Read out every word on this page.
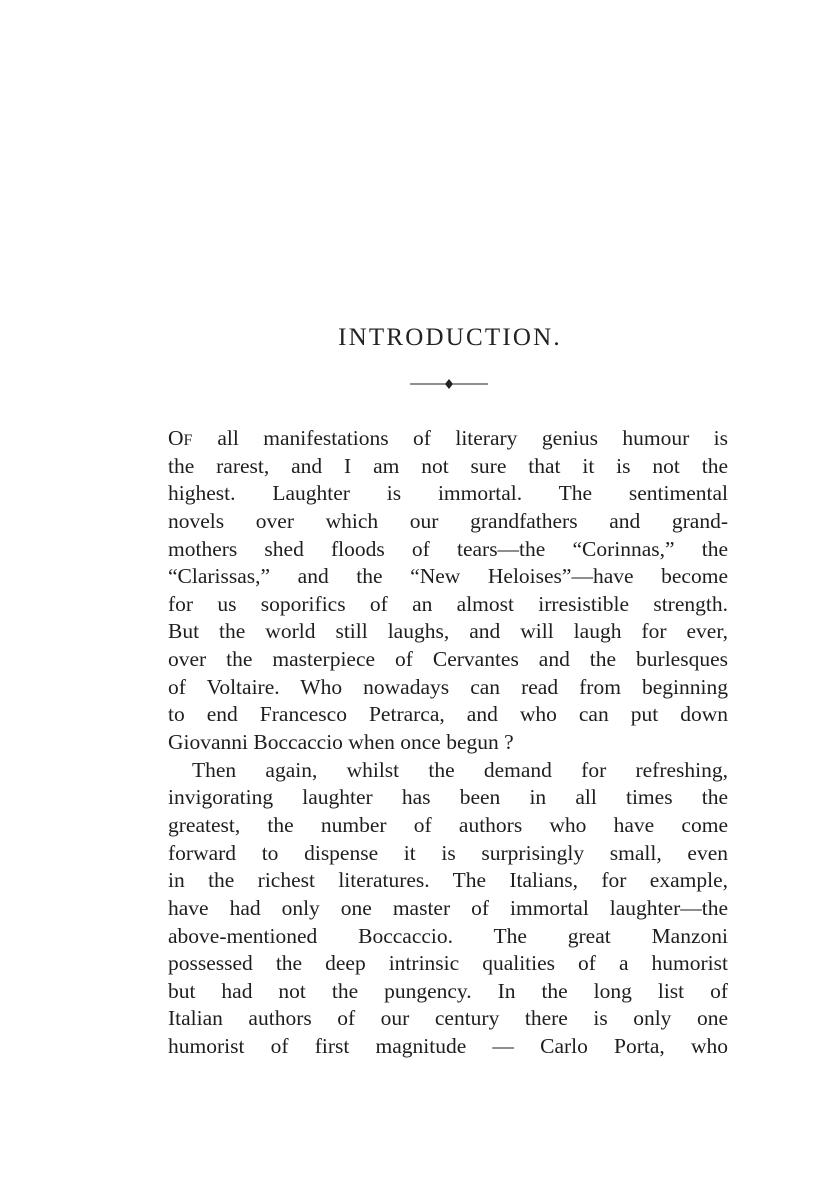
INTRODUCTION.
OF all manifestations of literary genius humour is
the rarest, and I am not sure that it is not the
highest. Laughter is immortal. The sentimental
novels over which our grandfathers and grand-
mothers shed floods of tears—the “Corinnas,” the
“Clarissas,” and the “New Heloises”—have become
for us soporifics of an almost irresistible strength.
But the world still laughs, and will laugh for ever,
over the masterpiece of Cervantes and the burlesques
of Voltaire. Who nowadays can read from beginning
to end Francesco Petrarca, and who can put down
Giovanni Boccaccio when once begun ?
Then again, whilst the demand for refreshing,
invigorating laughter has been in all times the
greatest, the number of authors who have come
forward to dispense it is surprisingly small, even
in the richest literatures. The Italians, for example,
have had only one master of immortal laughter—the
above-mentioned Boccaccio. The great Manzoni
possessed the deep intrinsic qualities of a humorist
but had not the pungency. In the long list of
Italian authors of our century there is only one
humorist of first magnitude — Carlo Porta, who
